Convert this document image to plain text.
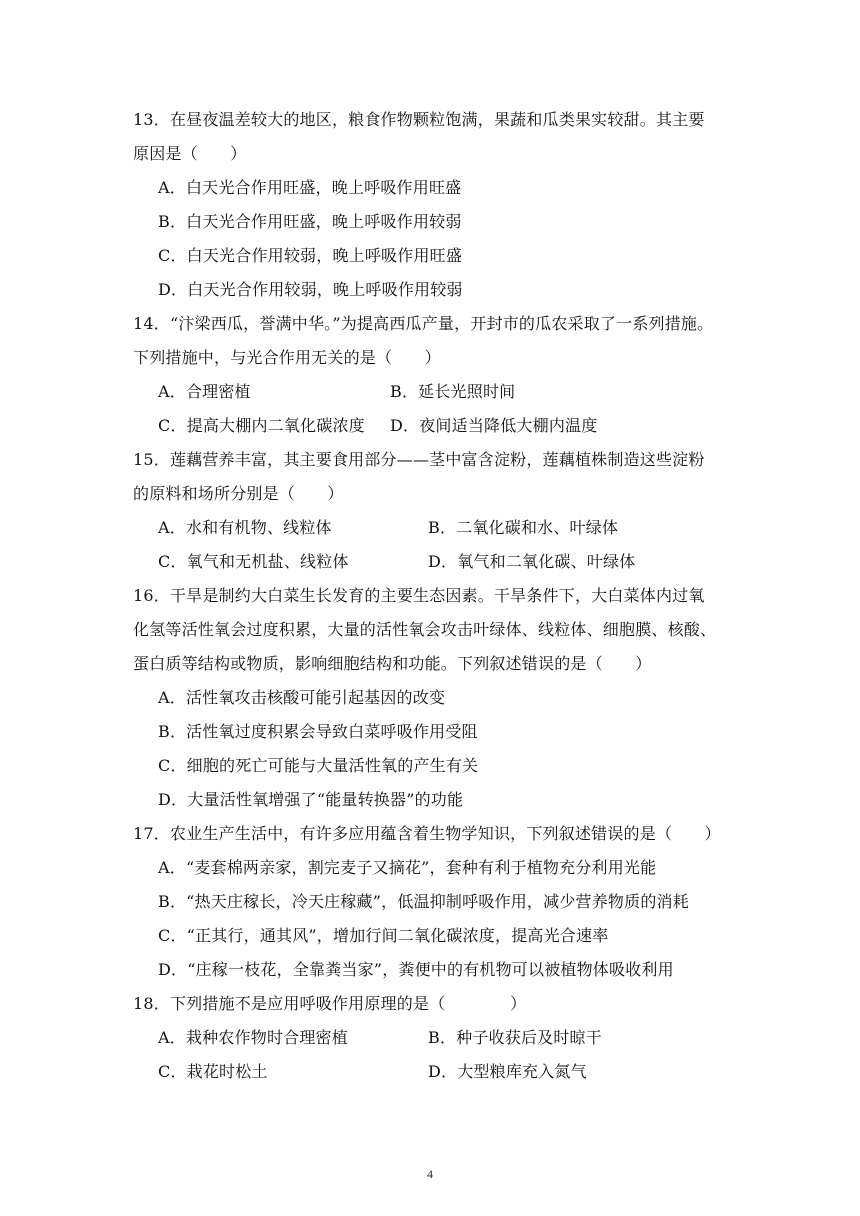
13．在昼夜温差较大的地区，粮食作物颗粒饱满，果蔬和瓜类果实较甜。其主要
原因是（　　）
A．白天光合作用旺盛，晚上呼吸作用旺盛
B．白天光合作用旺盛，晚上呼吸作用较弱
C．白天光合作用较弱，晚上呼吸作用旺盛
D．白天光合作用较弱，晚上呼吸作用较弱
14．“汴梁西瓜，誉满中华。”为提高西瓜产量，开封市的瓜农采取了一系列措施。
下列措施中，与光合作用无关的是（　　）
A．合理密植	B．延长光照时间
C．提高大棚内二氧化碳浓度 D．夜间适当降低大棚内温度
15．莲藕营养丰富，其主要食用部分——茎中富含淀粉，莲藕植株制造这些淀粉
的原料和场所分别是（　　）
A．水和有机物、线粒体	B．二氧化碳和水、叶绿体
C．氧气和无机盐、线粒体	D．氧气和二氧化碳、叶绿体
16．干旱是制约大白菜生长发育的主要生态因素。干旱条件下，大白菜体内过氧
化氢等活性氧会过度积累，大量的活性氧会攻击叶绿体、线粒体、细胞膜、核酸、
蛋白质等结构或物质，影响细胞结构和功能。下列叙述错误的是（　　）
A．活性氧攻击核酸可能引起基因的改变
B．活性氧过度积累会导致白菜呼吸作用受阻
C．细胞的死亡可能与大量活性氧的产生有关
D．大量活性氧增强了“能量转换器”的功能
17．农业生产生活中，有许多应用蕴含着生物学知识，下列叙述错误的是（　　）
A．“麦套棉两亲家，割完麦子又摘花”，套种有利于植物充分利用光能
B．“热天庄稼长，冷天庄稼藏”，低温抑制呼吸作用，减少营养物质的消耗
C．“正其行，通其风”，增加行间二氧化碳浓度，提高光合速率
D．“庄稼一枝花，全靠粪当家”，粪便中的有机物可以被植物体吸收利用
18．下列措施不是应用呼吸作用原理的是（　　　　）
A．栽种农作物时合理密植	B．种子收获后及时晾干
C．栽花时松土	D．大型粮库充入氮气
4
